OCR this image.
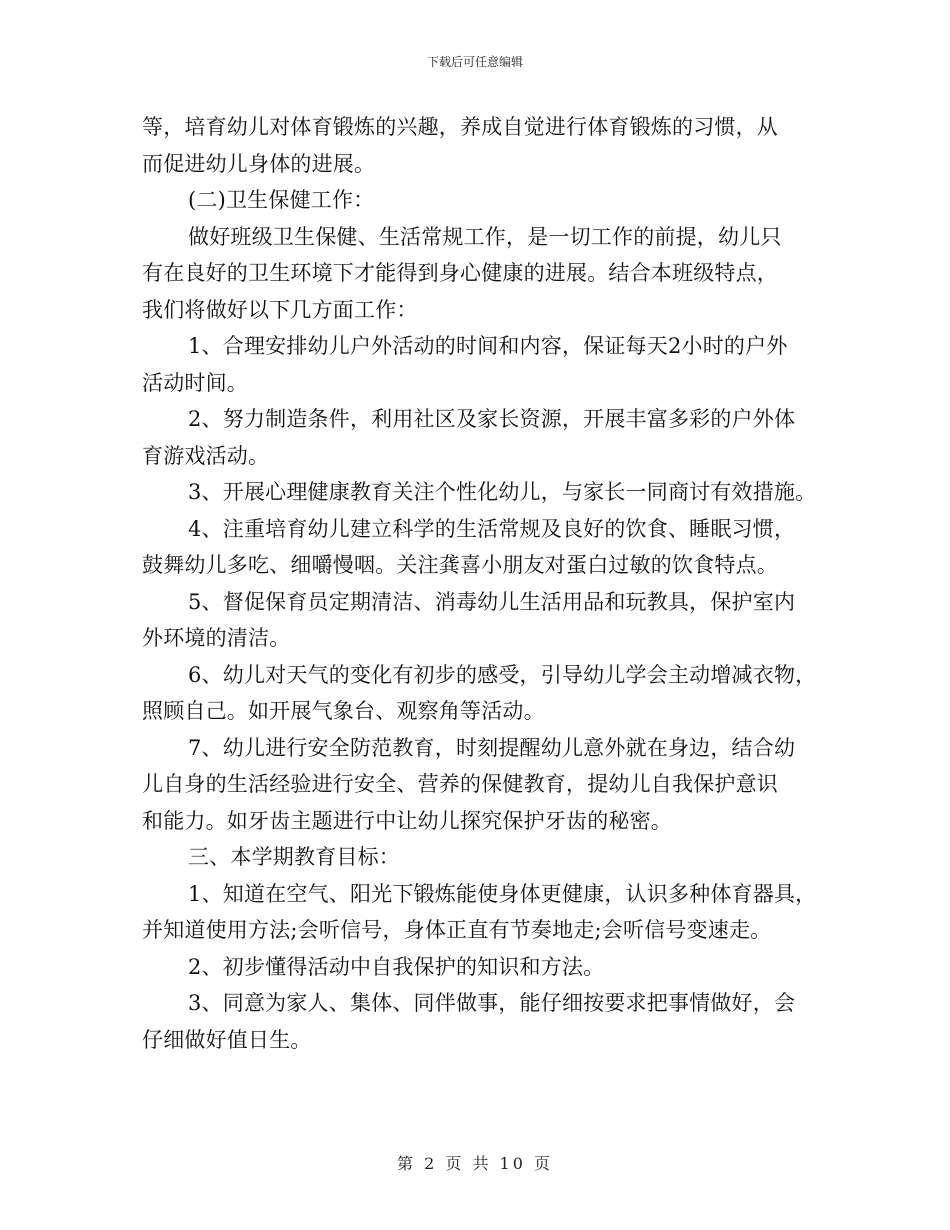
下载后可任意编辑
等，培育幼儿对体育锻炼的兴趣，养成自觉进行体育锻炼的习惯，从
而促进幼儿身体的进展。
(二)卫生保健工作：
做好班级卫生保健、生活常规工作，是一切工作的前提，幼儿只
有在良好的卫生环境下才能得到身心健康的进展。结合本班级特点，
我们将做好以下几方面工作：
1、合理安排幼儿户外活动的时间和内容，保证每天2小时的户外
活动时间。
2、努力制造条件，利用社区及家长资源，开展丰富多彩的户外体
育游戏活动。
3、开展心理健康教育关注个性化幼儿，与家长一同商讨有效措施。
4、注重培育幼儿建立科学的生活常规及良好的饮食、睡眠习惯，
鼓舞幼儿多吃、细嚼慢咽。关注龚喜小朋友对蛋白过敏的饮食特点。
5、督促保育员定期清洁、消毒幼儿生活用品和玩教具，保护室内
外环境的清洁。
6、幼儿对天气的变化有初步的感受，引导幼儿学会主动增减衣物，
照顾自己。如开展气象台、观察角等活动。
7、幼儿进行安全防范教育，时刻提醒幼儿意外就在身边，结合幼
儿自身的生活经验进行安全、营养的保健教育，提幼儿自我保护意识
和能力。如牙齿主题进行中让幼儿探究保护牙齿的秘密。
三、本学期教育目标：
1、知道在空气、阳光下锻炼能使身体更健康，认识多种体育器具，
并知道使用方法;会听信号，身体正直有节奏地走;会听信号变速走。
2、初步懂得活动中自我保护的知识和方法。
3、同意为家人、集体、同伴做事，能仔细按要求把事情做好，会
仔细做好值日生。
第 2 页 共 10 页
